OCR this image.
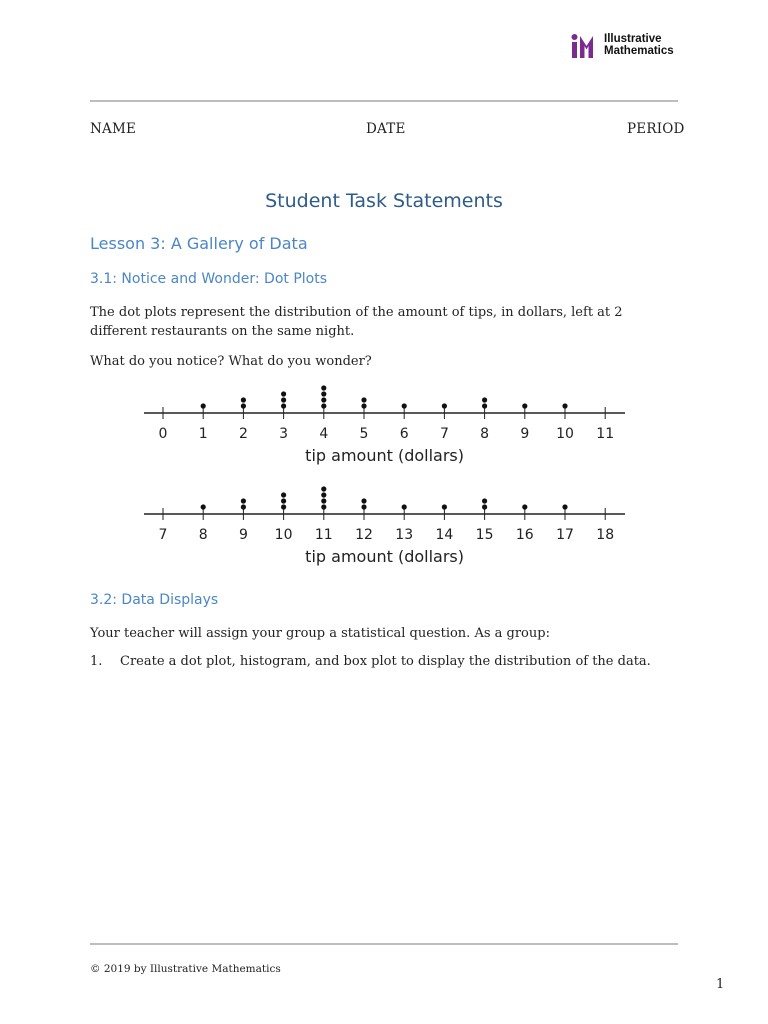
Illustrative
Mathematics
NAME	DATE	PERIOD
Student Task Statements
Lesson 3: A Gallery of Data
3.1: Notice and Wonder: Dot Plots

The dot plots represent the distribution of the amount of tips, in dollars, left at 2 different restaurants on the same night.

What do you notice? What do you wonder?

0 1 2 3 4 5 6 7 8 9 10 11
tip amount (dollars)
7 8 9 10 11 12 13 14 15 16 17 18
tip amount (dollars)
3.2: Data Displays

Your teacher will assign your group a statistical question. As a group:

1. Create a dot plot, histogram, and box plot to display the distribution of the data.
© 2019 by Illustrative Mathematics
1
